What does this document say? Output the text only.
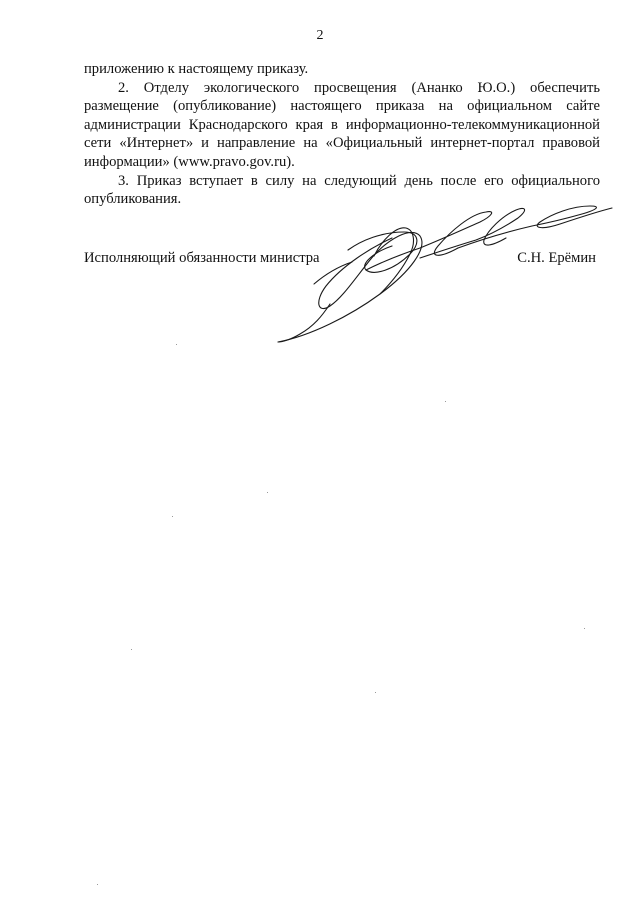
2

приложению к настоящему приказу.

2. Отделу экологического просвещения (Ананко Ю.О.) обеспечить размещение (опубликование) настоящего приказа на официальном сайте администрации Краснодарского края в информационно-телекоммуникационной сети «Интернет» и направление на «Официальный интернет-портал правовой информации» (www.pravo.gov.ru).

3. Приказ вступает в силу на следующий день после его официального опубликования.

Исполняющий обязанности министра	С.Н. Ерёмин
